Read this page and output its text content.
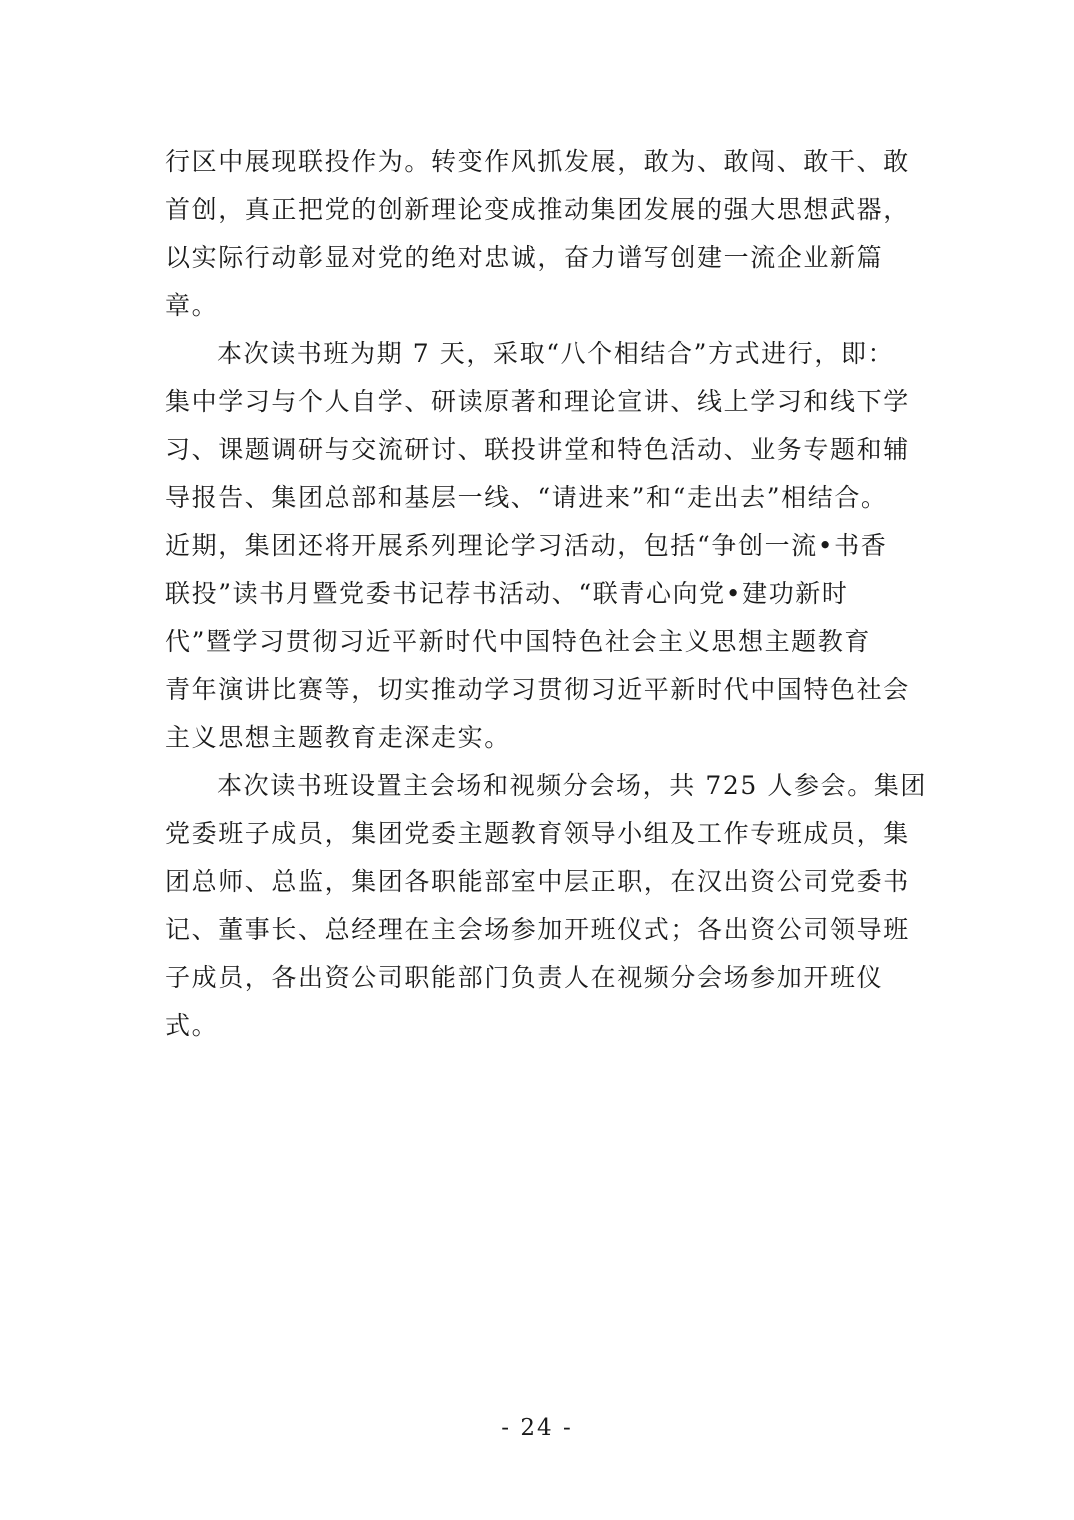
行区中展现联投作为。转变作风抓发展，敢为、敢闯、敢干、敢
首创，真正把党的创新理论变成推动集团发展的强大思想武器，
以实际行动彰显对党的绝对忠诚，奋力谱写创建一流企业新篇
章。
本次读书班为期 7 天，采取“八个相结合”方式进行，即：
集中学习与个人自学、研读原著和理论宣讲、线上学习和线下学
习、课题调研与交流研讨、联投讲堂和特色活动、业务专题和辅
导报告、集团总部和基层一线、“请进来”和“走出去”相结合。
近期，集团还将开展系列理论学习活动，包括“争创一流•书香
联投”读书月暨党委书记荐书活动、“联青心向党•建功新时
代”暨学习贯彻习近平新时代中国特色社会主义思想主题教育
青年演讲比赛等，切实推动学习贯彻习近平新时代中国特色社会
主义思想主题教育走深走实。
本次读书班设置主会场和视频分会场，共 725 人参会。集团
党委班子成员，集团党委主题教育领导小组及工作专班成员，集
团总师、总监，集团各职能部室中层正职，在汉出资公司党委书
记、董事长、总经理在主会场参加开班仪式；各出资公司领导班
子成员，各出资公司职能部门负责人在视频分会场参加开班仪
式。
- 24 -
